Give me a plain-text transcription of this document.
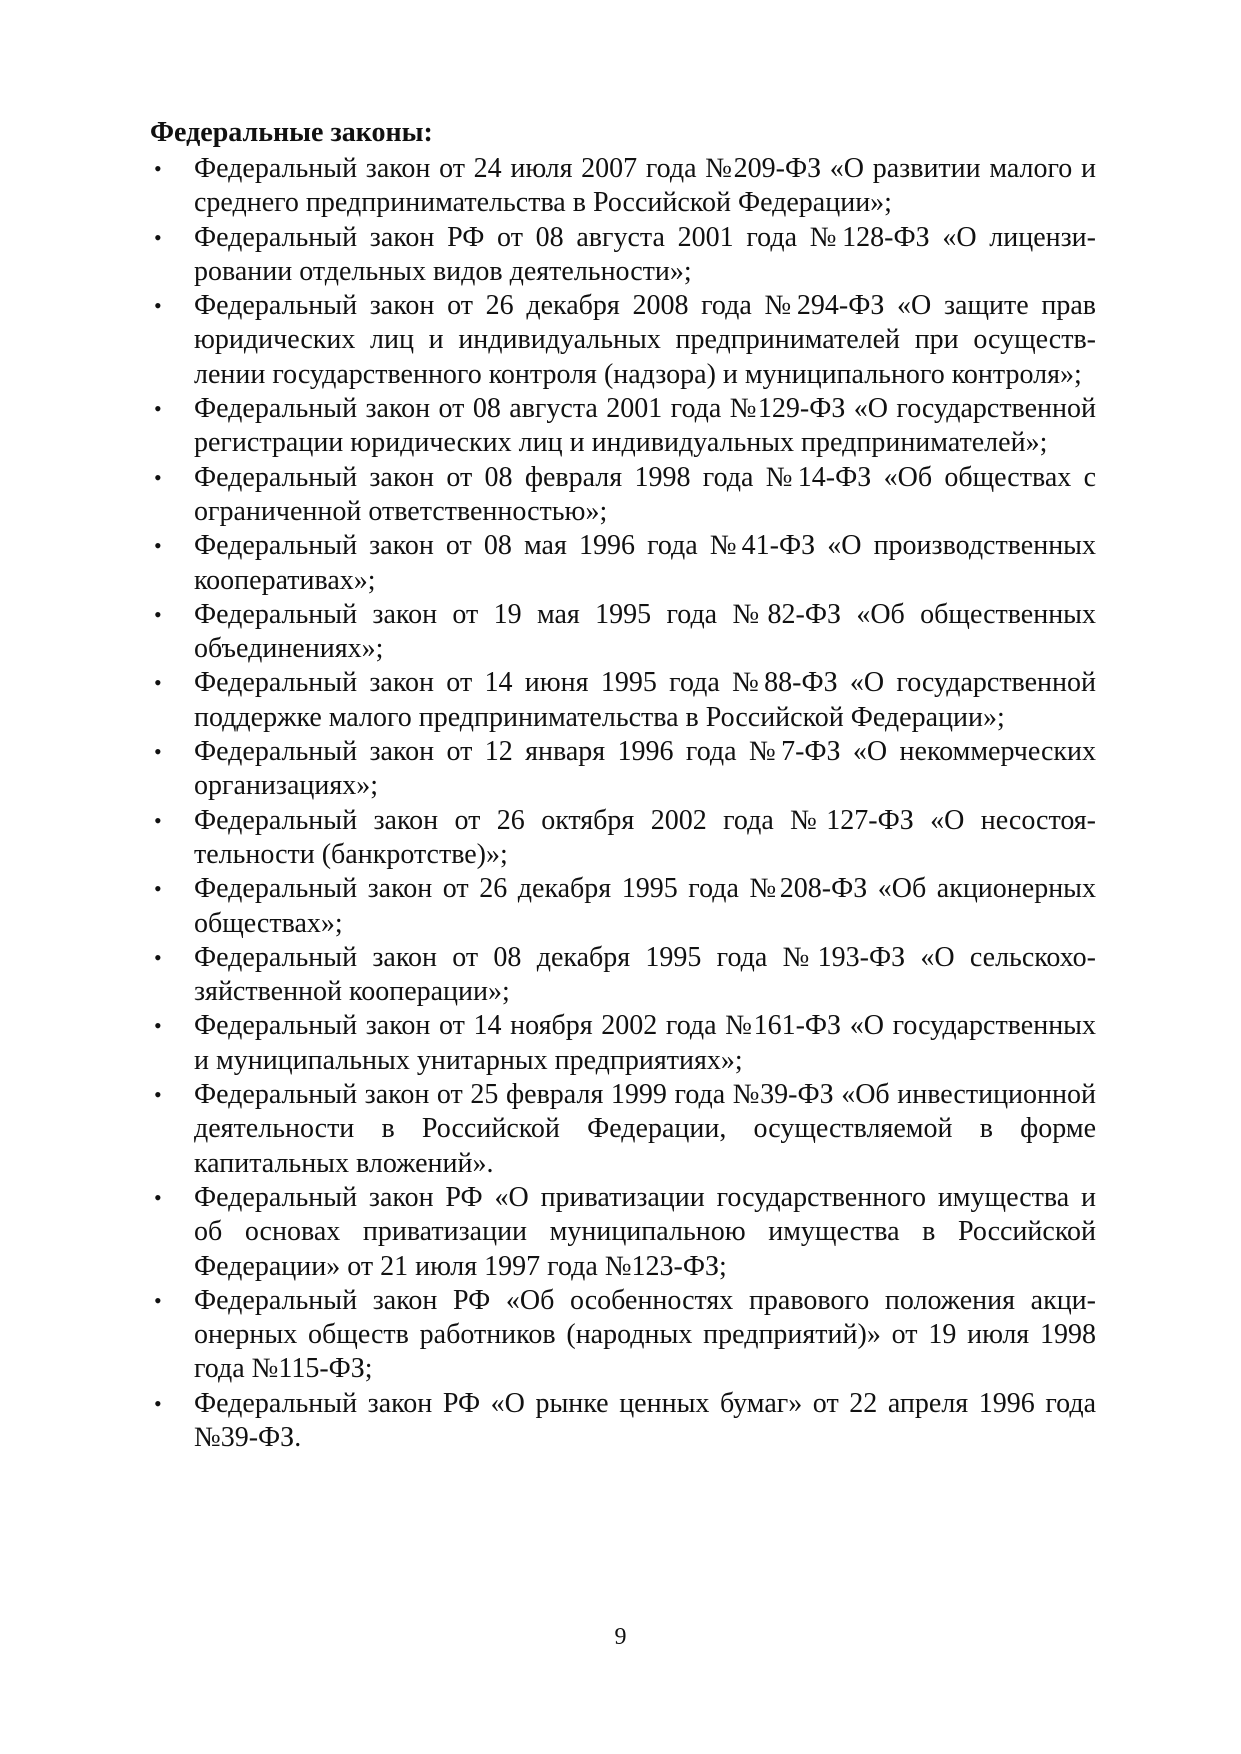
Федеральные законы:
• Федеральный закон от 24 июля 2007 года №209-ФЗ «О развитии малого и среднего предпринимательства в Российской Федерации»;
• Федеральный закон РФ от 08 августа 2001 года №128-ФЗ «О лицензировании отдельных видов деятельности»;
• Федеральный закон от 26 декабря 2008 года №294-ФЗ «О защите прав юридических лиц и индивидуальных предпринимателей при осуществлении государственного контроля (надзора) и муниципального контроля»;
• Федеральный закон от 08 августа 2001 года №129-ФЗ «О государственной регистрации юридических лиц и индивидуальных предпринимателей»;
• Федеральный закон от 08 февраля 1998 года №14-ФЗ «Об обществах с ограниченной ответственностью»;
• Федеральный закон от 08 мая 1996 года №41-ФЗ «О производственных кооперативах»;
• Федеральный закон от 19 мая 1995 года №82-ФЗ «Об общественных объединениях»;
• Федеральный закон от 14 июня 1995 года №88-ФЗ «О государственной поддержке малого предпринимательства в Российской Федерации»;
• Федеральный закон от 12 января 1996 года №7-ФЗ «О некоммерческих организациях»;
• Федеральный закон от 26 октября 2002 года №127-ФЗ «О несостоятельности (банкротстве)»;
• Федеральный закон от 26 декабря 1995 года №208-ФЗ «Об акционерных обществах»;
• Федеральный закон от 08 декабря 1995 года №193-ФЗ «О сельскохозяйственной кооперации»;
• Федеральный закон от 14 ноября 2002 года №161-ФЗ «О государственных и муниципальных унитарных предприятиях»;
• Федеральный закон от 25 февраля 1999 года №39-ФЗ «Об инвестиционной деятельности в Российской Федерации, осуществляемой в форме капитальных вложений».
• Федеральный закон РФ «О приватизации государственного имущества и об основах приватизации муниципальною имущества в Российской Федерации» от 21 июля 1997 года №123-ФЗ;
• Федеральный закон РФ «Об особенностях правового положения акционерных обществ работников (народных предприятий)» от 19 июля 1998 года №115-ФЗ;
• Федеральный закон РФ «О рынке ценных бумаг» от 22 апреля 1996 года №39-ФЗ.
9
